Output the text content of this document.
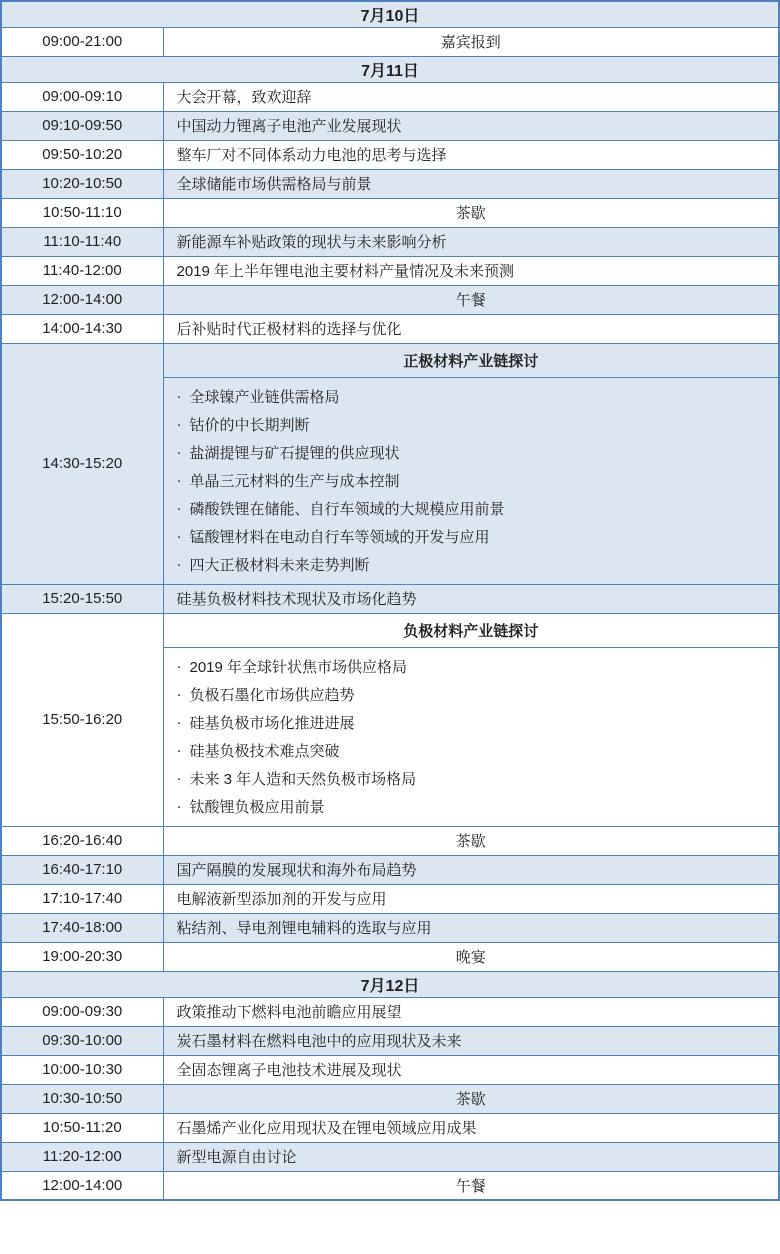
7月10日	
09:00-21:00	嘉宾报到
7月11日	
09:00-09:10	大会开幕，致欢迎辞
09:10-09:50	中国动力锂离子电池产业发展现状
09:50-10:20	整车厂对不同体系动力电池的思考与选择
10:20-10:50	全球储能市场供需格局与前景
10:50-11:10	茶歇
11:10-11:40	新能源车补贴政策的现状与未来影响分析
11:40-12:00	2019 年上半年锂电池主要材料产量情况及未来预测
12:00-14:00	午餐
14:00-14:30	后补贴时代正极材料的选择与优化
14:30-15:20	正极材料产业链探讨

· 全球镍产业链供需格局
· 钴价的中长期判断
· 盐湖提锂与矿石提锂的供应现状
· 单晶三元材料的生产与成本控制
· 磷酸铁锂在储能、自行车领域的大规模应用前景
· 锰酸锂材料在电动自行车等领域的开发与应用
· 四大正极材料未来走势判断

15:20-15:50	硅基负极材料技术现状及市场化趋势
15:50-16:20	负极材料产业链探讨

· 2019 年全球针状焦市场供应格局
· 负极石墨化市场供应趋势
· 硅基负极市场化推进进展
· 硅基负极技术难点突破
· 未来 3 年人造和天然负极市场格局
· 钛酸锂负极应用前景

16:20-16:40	茶歇
16:40-17:10	国产隔膜的发展现状和海外布局趋势
17:10-17:40	电解液新型添加剂的开发与应用
17:40-18:00	粘结剂、导电剂锂电辅料的选取与应用
19:00-20:30	晚宴
7月12日	
09:00-09:30	政策推动下燃料电池前瞻应用展望
09:30-10:00	炭石墨材料在燃料电池中的应用现状及未来
10:00-10:30	全固态锂离子电池技术进展及现状
10:30-10:50	茶歇
10:50-11:20	石墨烯产业化应用现状及在锂电领域应用成果
11:20-12:00	新型电源自由讨论
12:00-14:00	午餐
